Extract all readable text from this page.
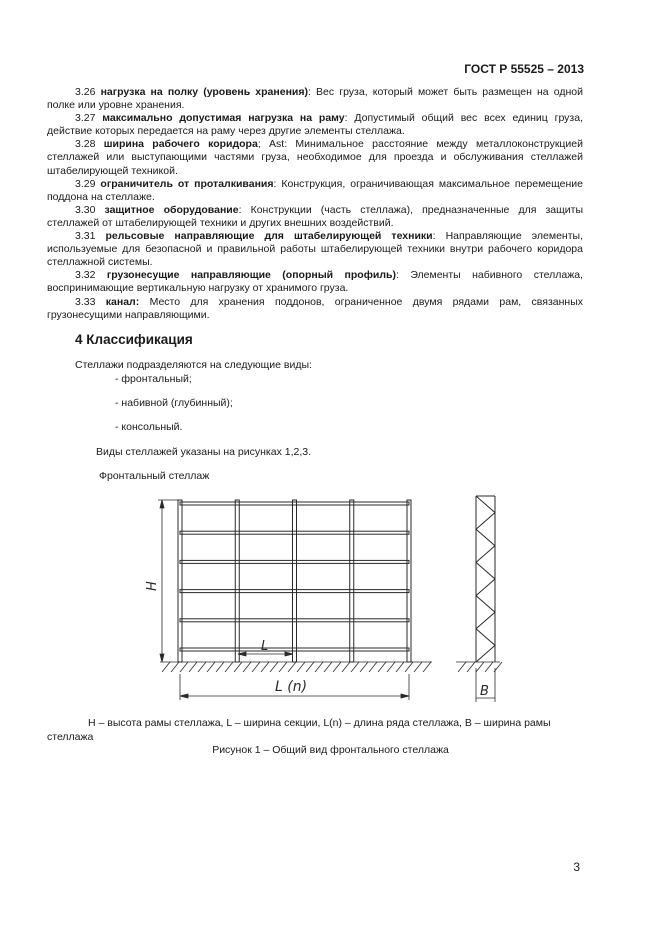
ГОСТ Р 55525 – 2013

3.26 нагрузка на полку (уровень хранения): Вес груза, который может быть размещен на одной полке или уровне хранения.

3.27 максимально допустимая нагрузка на раму: Допустимый общий вес всех единиц груза, действие которых передается на раму через другие элементы стеллажа.

3.28 ширина рабочего коридора; Ast: Минимальное расстояние между металлоконструкцией стеллажей или выступающими частями груза, необходимое для проезда и обслуживания стеллажей штабелирующей техникой.

3.29 ограничитель от проталкивания: Конструкция, ограничивающая максимальное перемещение поддона на стеллаже.

3.30 защитное оборудование: Конструкции (часть стеллажа), предназначенные для защиты стеллажей от штабелирующей техники и других внешних воздействий.

3.31 рельсовые направляющие для штабелирующей техники: Направляющие элементы, используемые для безопасной и правильной работы штабелирующей техники внутри рабочего коридора стеллажной системы.

3.32 грузонесущие направляющие (опорный профиль): Элементы набивного стеллажа, воспринимающие вертикальную нагрузку от хранимого груза.

3.33 канал: Место для хранения поддонов, ограниченное двумя рядами рам, связанных грузонесущими направляющими.

4 Классификация

Стеллажи подразделяются на следующие виды:

- фронтальный;

- набивной (глубинный);

- консольный.

Виды стеллажей указаны на рисунках 1,2,3.

Фронтальный стеллаж

H
L
L (n)	B

H – высота рамы стеллажа, L – ширина секции, L(n) – длина ряда стеллажа, В – ширина рамы стеллажа

Рисунок 1 – Общий вид фронтального стеллажа

3
